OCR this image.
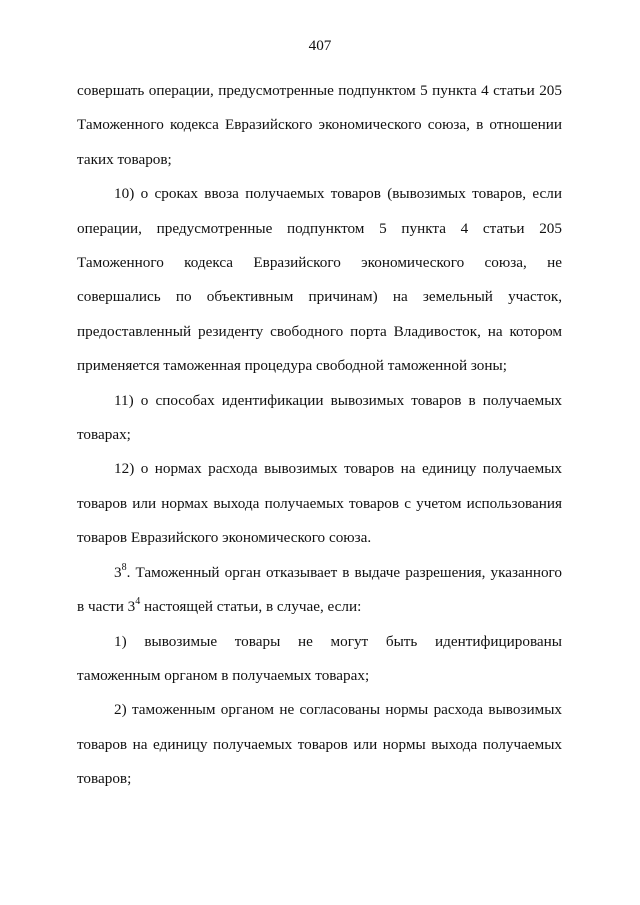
407

совершать операции, предусмотренные подпунктом 5 пункта 4 статьи 205 Таможенного кодекса Евразийского экономического союза, в отношении таких товаров;

10) о сроках ввоза получаемых товаров (вывозимых товаров, если операции, предусмотренные подпунктом 5 пункта 4 статьи 205 Таможенного кодекса Евразийского экономического союза, не совершались по объективным причинам) на земельный участок, предоставленный резиденту свободного порта Владивосток, на котором применяется таможенная процедура свободной таможенной зоны;

11) о способах идентификации вывозимых товаров в получаемых товарах;

12) о нормах расхода вывозимых товаров на единицу получаемых товаров или нормах выхода получаемых товаров с учетом использования товаров Евразийского экономического союза.

$3^8$. Таможенный орган отказывает в выдаче разрешения, указанного в части $3^4$ настоящей статьи, в случае, если:

1) вывозимые товары не могут быть идентифицированы таможенным органом в получаемых товарах;

2) таможенным органом не согласованы нормы расхода вывозимых товаров на единицу получаемых товаров или нормы выхода получаемых товаров;
